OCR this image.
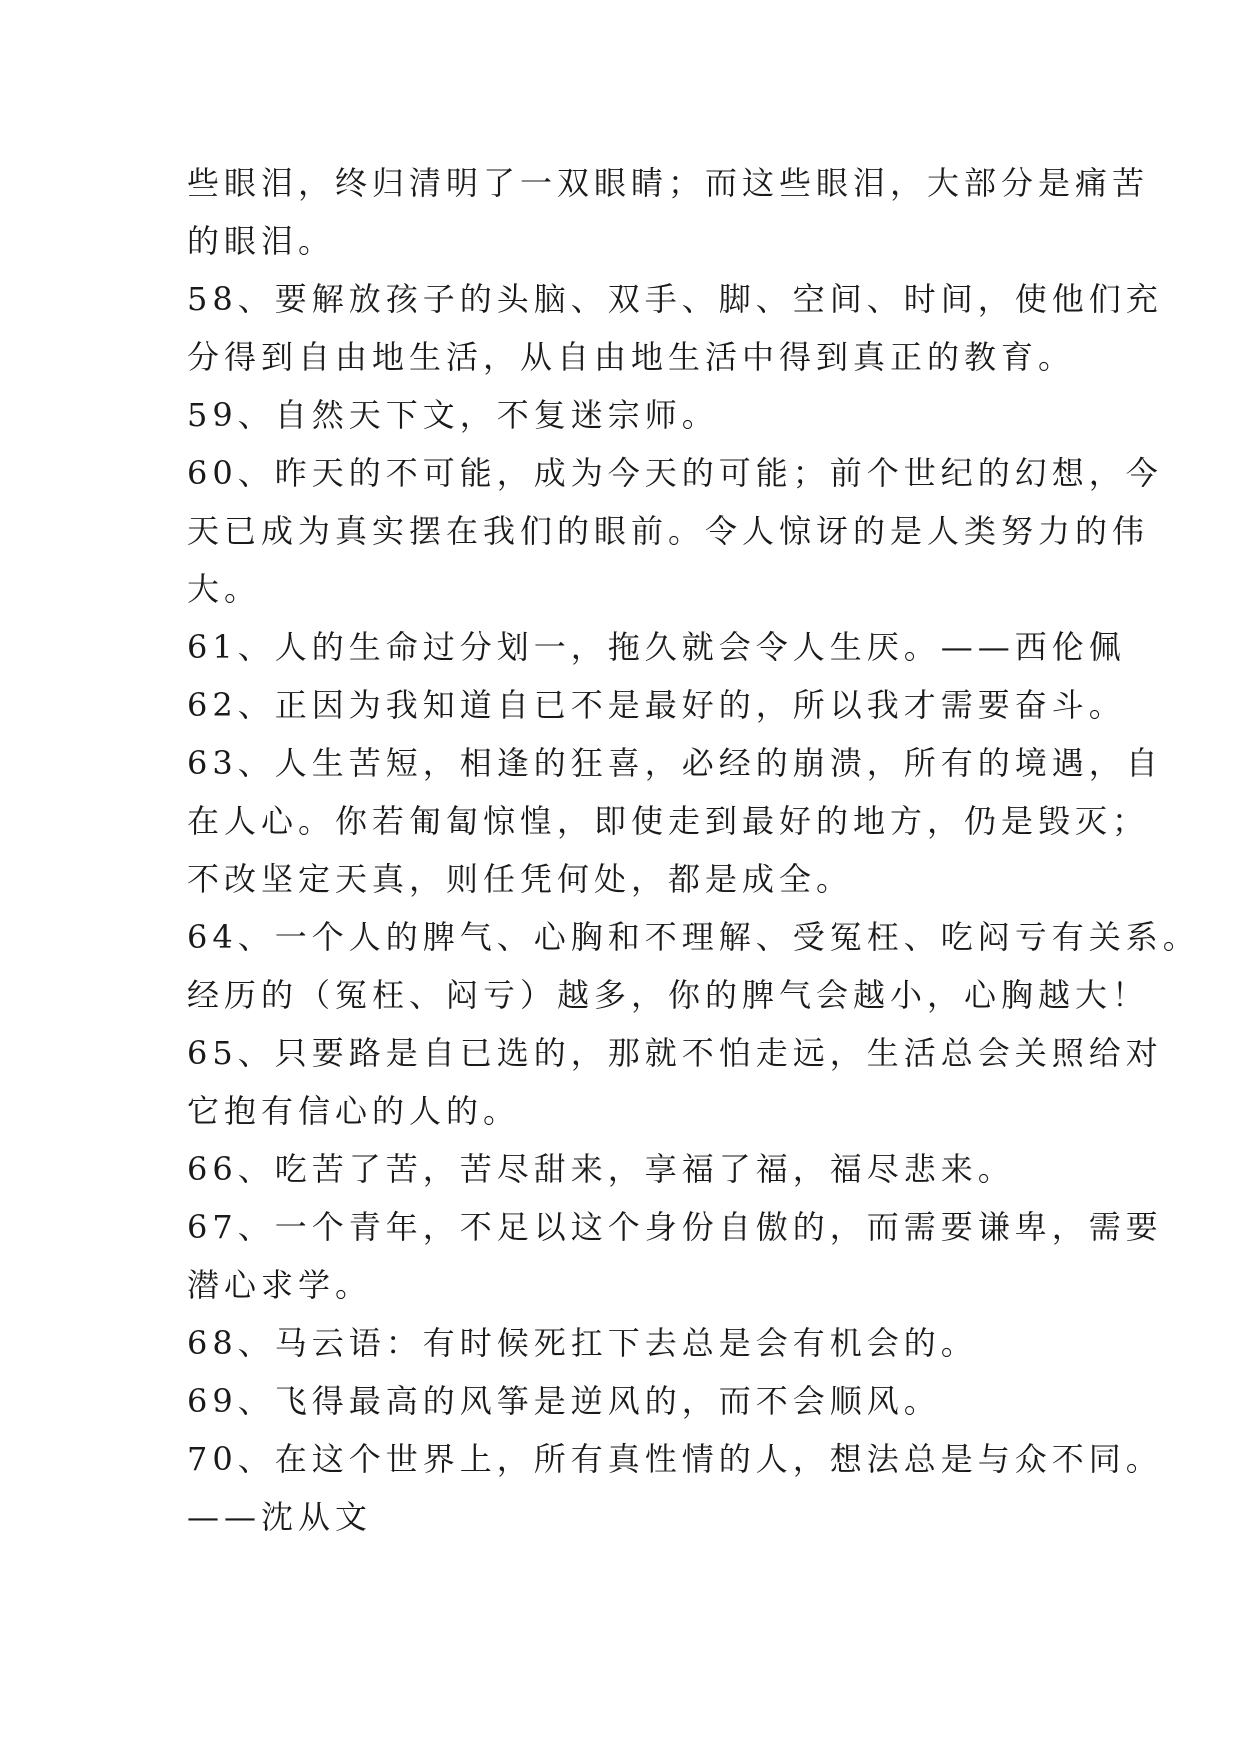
些眼泪，终归清明了一双眼睛；而这些眼泪，大部分是痛苦
的眼泪。
58、要解放孩子的头脑、双手、脚、空间、时间，使他们充
分得到自由地生活，从自由地生活中得到真正的教育。
59、自然天下文，不复迷宗师。
60、昨天的不可能，成为今天的可能；前个世纪的幻想，今
天已成为真实摆在我们的眼前。令人惊讶的是人类努力的伟
大。
61、人的生命过分划一，拖久就会令人生厌。——西伦佩
62、正因为我知道自已不是最好的，所以我才需要奋斗。
63、人生苦短，相逢的狂喜，必经的崩溃，所有的境遇，自
在人心。你若匍匐惊惶，即使走到最好的地方，仍是毁灭；
不改坚定天真，则任凭何处，都是成全。
64、一个人的脾气、心胸和不理解、受冤枉、吃闷亏有关系。
经历的（冤枉、闷亏）越多，你的脾气会越小，心胸越大！
65、只要路是自已选的，那就不怕走远，生活总会关照给对
它抱有信心的人的。
66、吃苦了苦，苦尽甜来，享福了福，福尽悲来。
67、一个青年，不足以这个身份自傲的，而需要谦卑，需要
潜心求学。
68、马云语：有时候死扛下去总是会有机会的。
69、飞得最高的风筝是逆风的，而不会顺风。
70、在这个世界上，所有真性情的人，想法总是与众不同。
——沈从文
